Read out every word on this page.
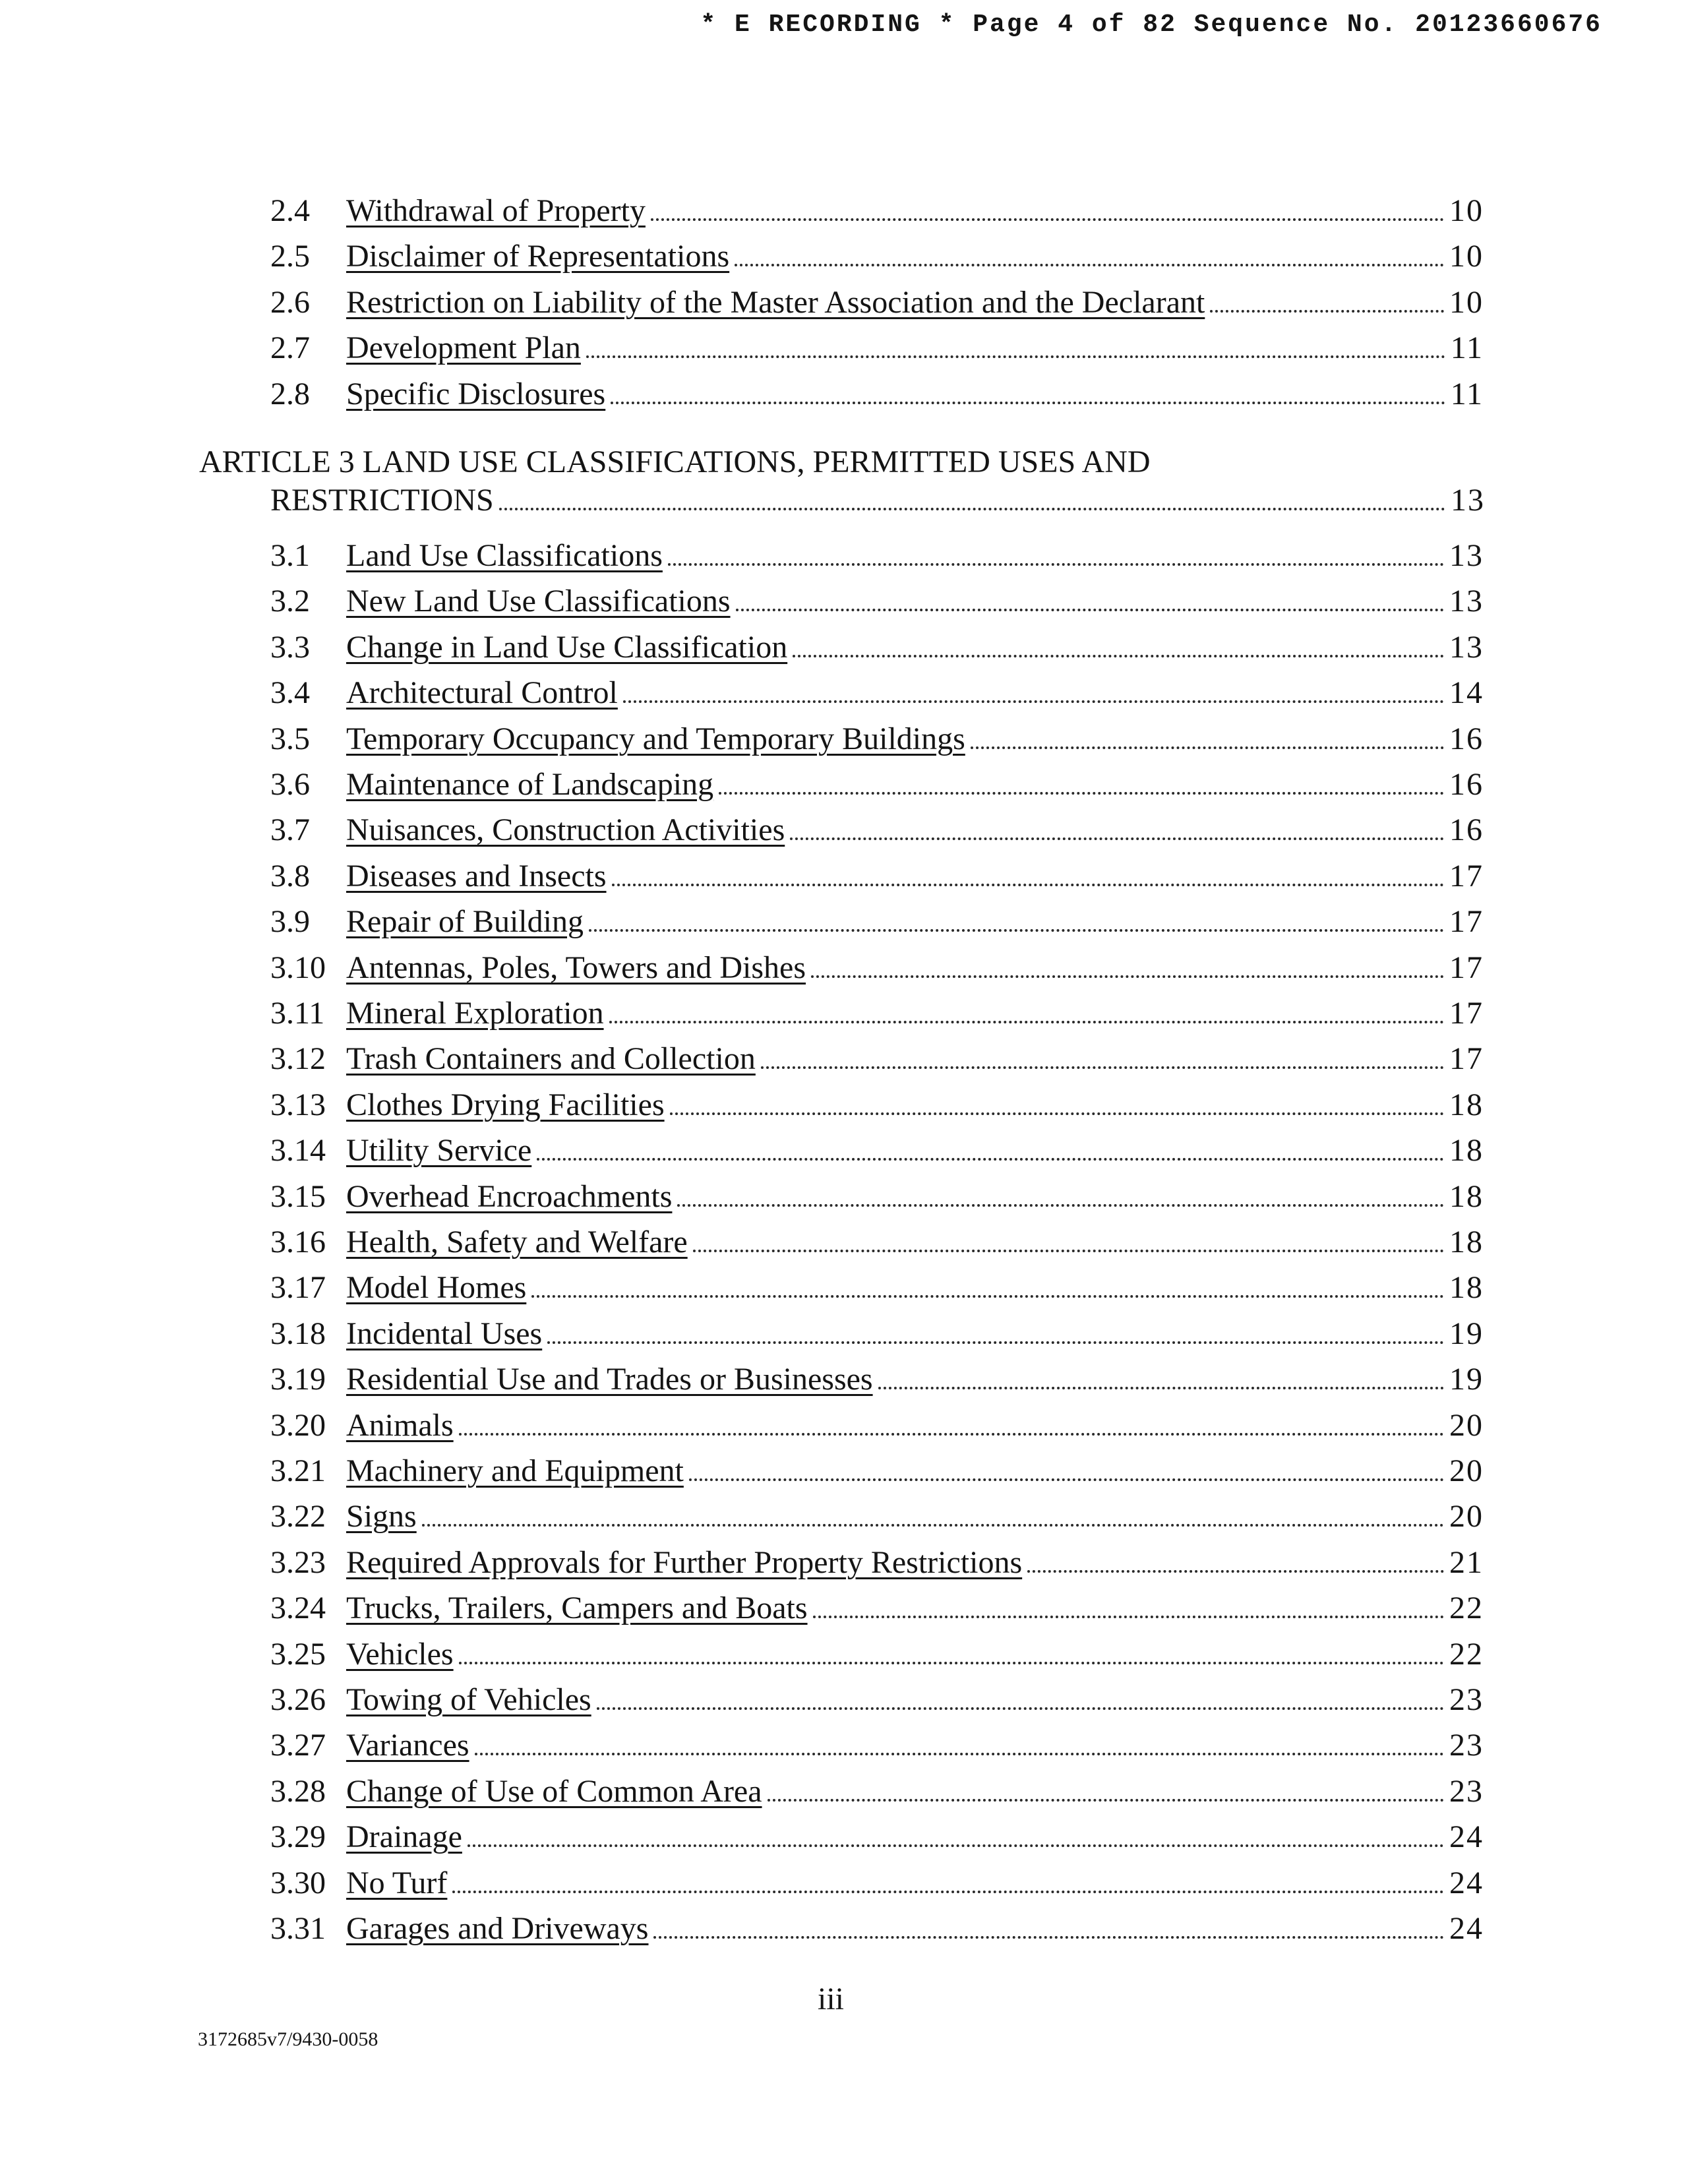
* E RECORDING * Page 4 of 82 Sequence No. 20123660676
ARTICLE 3 LAND USE CLASSIFICATIONS, PERMITTED USES AND
RESTRICTIONS	13
2.4 Withdrawal of Property	10
2.5 Disclaimer of Representations	10
2.6 Restriction on Liability of the Master Association and the Declarant	10
2.7 Development Plan	11
2.8 Specific Disclosures	11
3.1 Land Use Classifications	13
3.2 New Land Use Classifications	13
3.3 Change in Land Use Classification	13
3.4 Architectural Control	14
3.5 Temporary Occupancy and Temporary Buildings	16
3.6 Maintenance of Landscaping	16
3.7 Nuisances, Construction Activities	16
3.8 Diseases and Insects	17
3.9 Repair of Building	17
3.10 Antennas, Poles, Towers and Dishes	17
3.11 Mineral Exploration	17
3.12 Trash Containers and Collection	17
3.13 Clothes Drying Facilities	18
3.14 Utility Service	18
3.15 Overhead Encroachments	18
3.16 Health, Safety and Welfare	18
3.17 Model Homes	18
3.18 Incidental Uses	19
3.19 Residential Use and Trades or Businesses	19
3.20 Animals	20
3.21 Machinery and Equipment	20
3.22 Signs	20
3.23 Required Approvals for Further Property Restrictions	21
3.24 Trucks, Trailers, Campers and Boats	22
3.25 Vehicles	22
3.26 Towing of Vehicles	23
3.27 Variances	23
3.28 Change of Use of Common Area	23
3.29 Drainage	24
3.30 No Turf	24
3.31 Garages and Driveways	24
iii
3172685v7/9430-0058
